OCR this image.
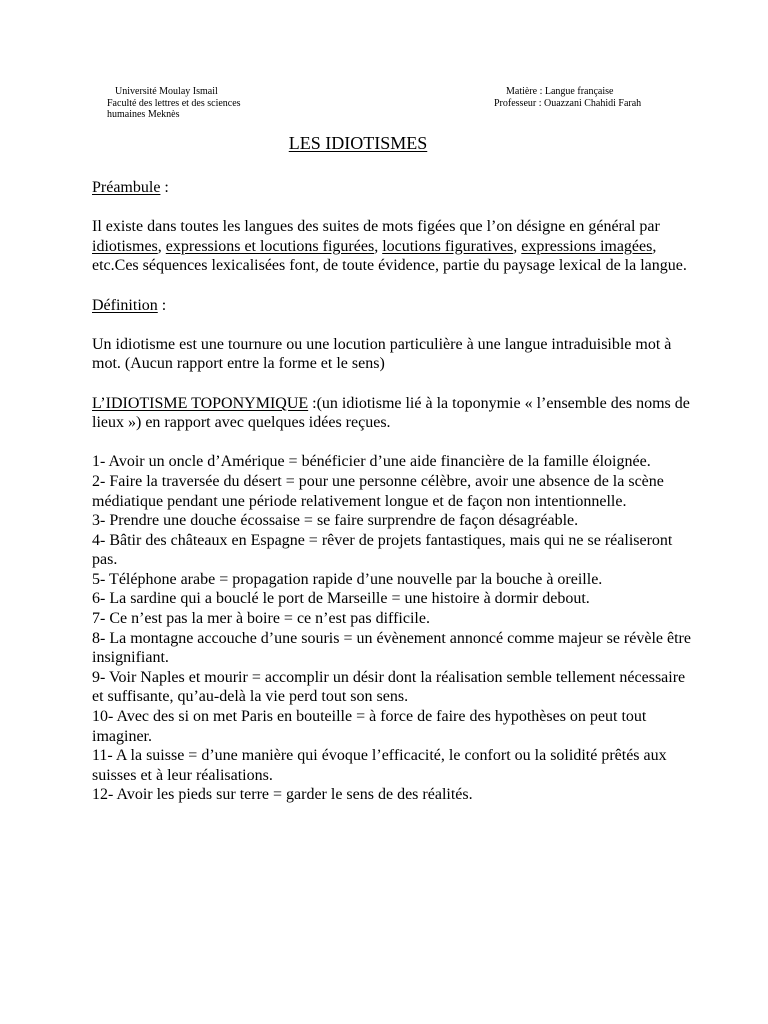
Université Moulay Ismail
Faculté des lettres et des sciences
humaines Meknès
Matière : Langue française
Professeur : Ouazzani Chahidi Farah
LES IDIOTISMES

Préambule :

Il existe dans toutes les langues des suites de mots figées que l’on désigne en général par idiotismes, expressions et locutions figurées, locutions figuratives, expressions imagées, etc.Ces séquences lexicalisées font, de toute évidence, partie du paysage lexical de la langue.

Définition :

Un idiotisme est une tournure ou une locution particulière à une langue intraduisible mot à mot. (Aucun rapport entre la forme et le sens)

L’IDIOTISME TOPONYMIQUE :(un idiotisme lié à la toponymie « l’ensemble des noms de lieux ») en rapport avec quelques idées reçues.

1- Avoir un oncle d’Amérique = bénéficier d’une aide financière de la famille éloignée.

2- Faire la traversée du désert = pour une personne célèbre, avoir une absence de la scène médiatique pendant une période relativement longue et de façon non intentionnelle.

3- Prendre une douche écossaise = se faire surprendre de façon désagréable.

4- Bâtir des châteaux en Espagne = rêver de projets fantastiques, mais qui ne se réaliseront pas.

5- Téléphone arabe = propagation rapide d’une nouvelle par la bouche à oreille.

6- La sardine qui a bouclé le port de Marseille = une histoire à dormir debout.

7- Ce n’est pas la mer à boire = ce n’est pas difficile.

8- La montagne accouche d’une souris = un évènement annoncé comme majeur se révèle être insignifiant.

9- Voir Naples et mourir = accomplir un désir dont la réalisation semble tellement nécessaire et suffisante, qu’au-delà la vie perd tout son sens.

10- Avec des si on met Paris en bouteille = à force de faire des hypothèses on peut tout imaginer.

11- A la suisse = d’une manière qui évoque l’efficacité, le confort ou la solidité prêtés aux suisses et à leur réalisations.

12- Avoir les pieds sur terre = garder le sens de des réalités.
